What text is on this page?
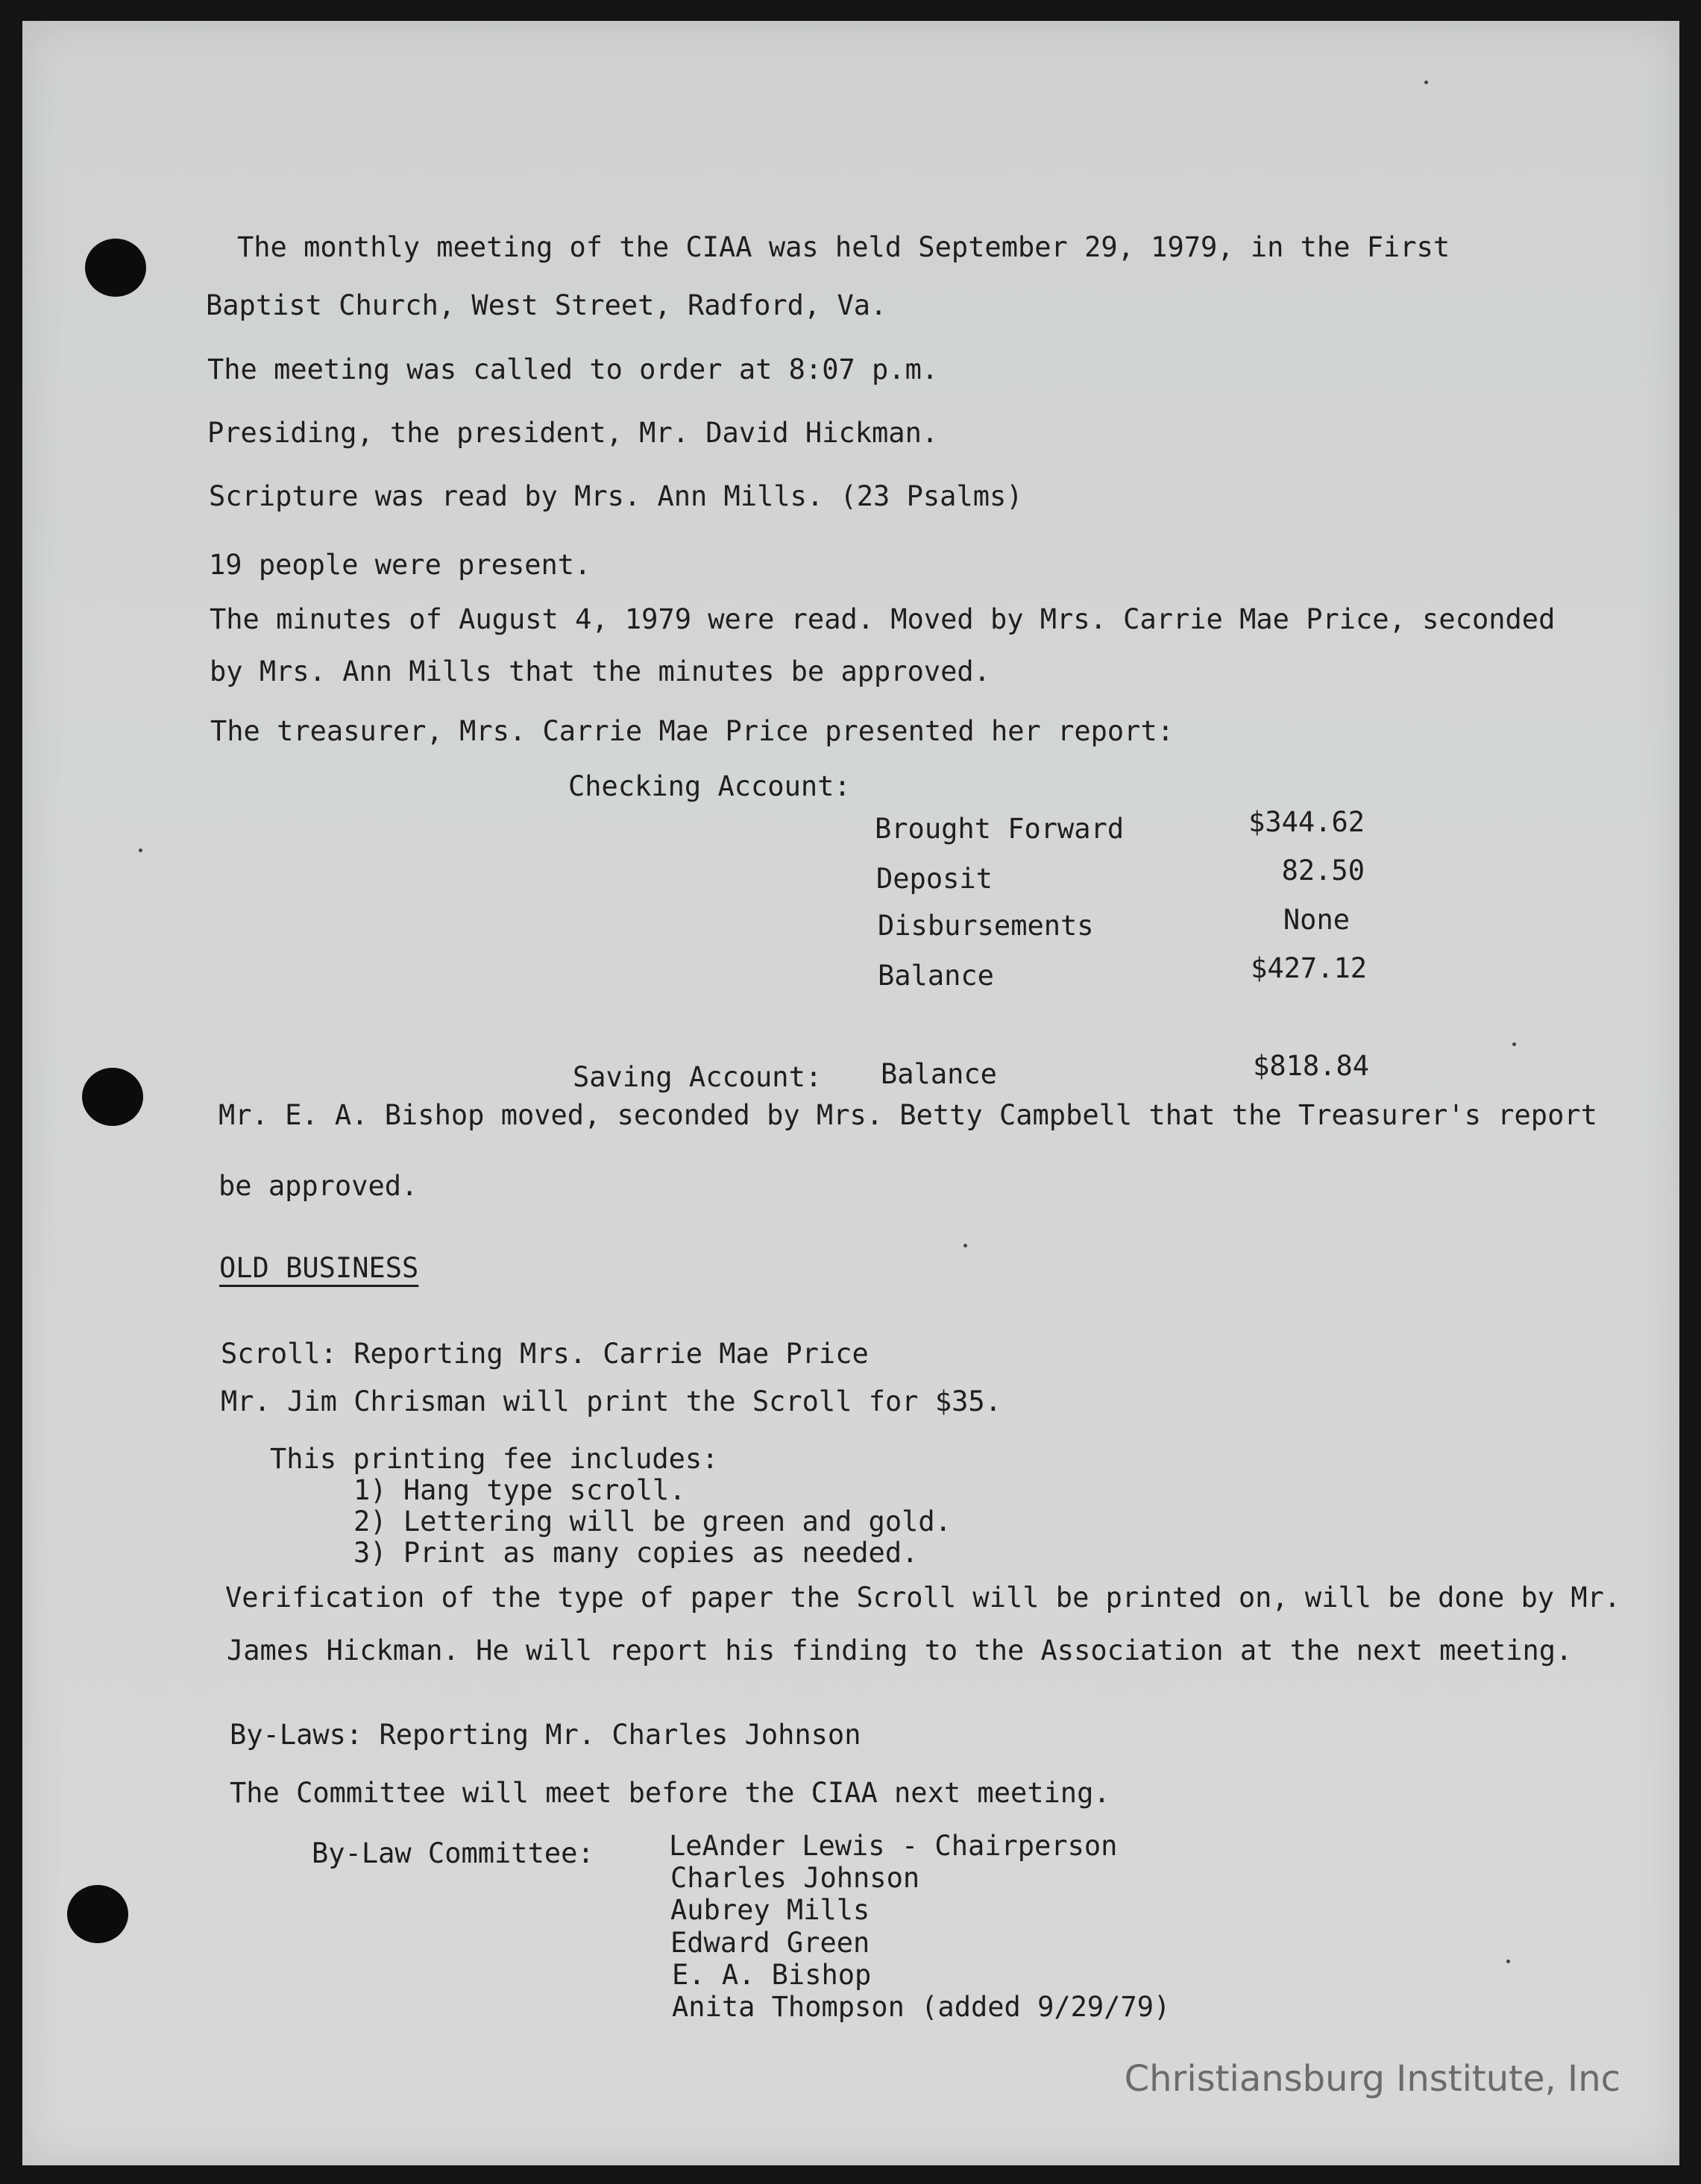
The monthly meeting of the CIAA was held September 29, 1979, in the First

Baptist Church, West Street, Radford, Va.

The meeting was called to order at 8:07 p.m.

Presiding, the president, Mr. David Hickman.

Scripture was read by Mrs. Ann Mills. (23 Psalms)

19 people were present.

The minutes of August 4, 1979 were read. Moved by Mrs. Carrie Mae Price, seconded

by Mrs. Ann Mills that the minutes be approved.

The treasurer, Mrs. Carrie Mae Price presented her report:

Checking Account:

Brought Forward	$344.62

Deposit	82.50

Disbursements	None

Balance	$427.12

Saving Account: Balance	$818.84

Mr. E. A. Bishop moved, seconded by Mrs. Betty Campbell that the Treasurer's report

be approved.

OLD BUSINESS

Scroll: Reporting Mrs. Carrie Mae Price

Mr. Jim Chrisman will print the Scroll for $35.

This printing fee includes:

1) Hang type scroll.

2) Lettering will be green and gold.

3) Print as many copies as needed.

Verification of the type of paper the Scroll will be printed on, will be done by Mr.

James Hickman. He will report his finding to the Association at the next meeting.

By-Laws: Reporting Mr. Charles Johnson

The Committee will meet before the CIAA next meeting.

By-Law Committee:	LeAnder Lewis - Chairperson

Charles Johnson

Aubrey Mills

Edward Green

E. A. Bishop

Anita Thompson (added 9/29/79)

Christiansburg Institute, Inc
